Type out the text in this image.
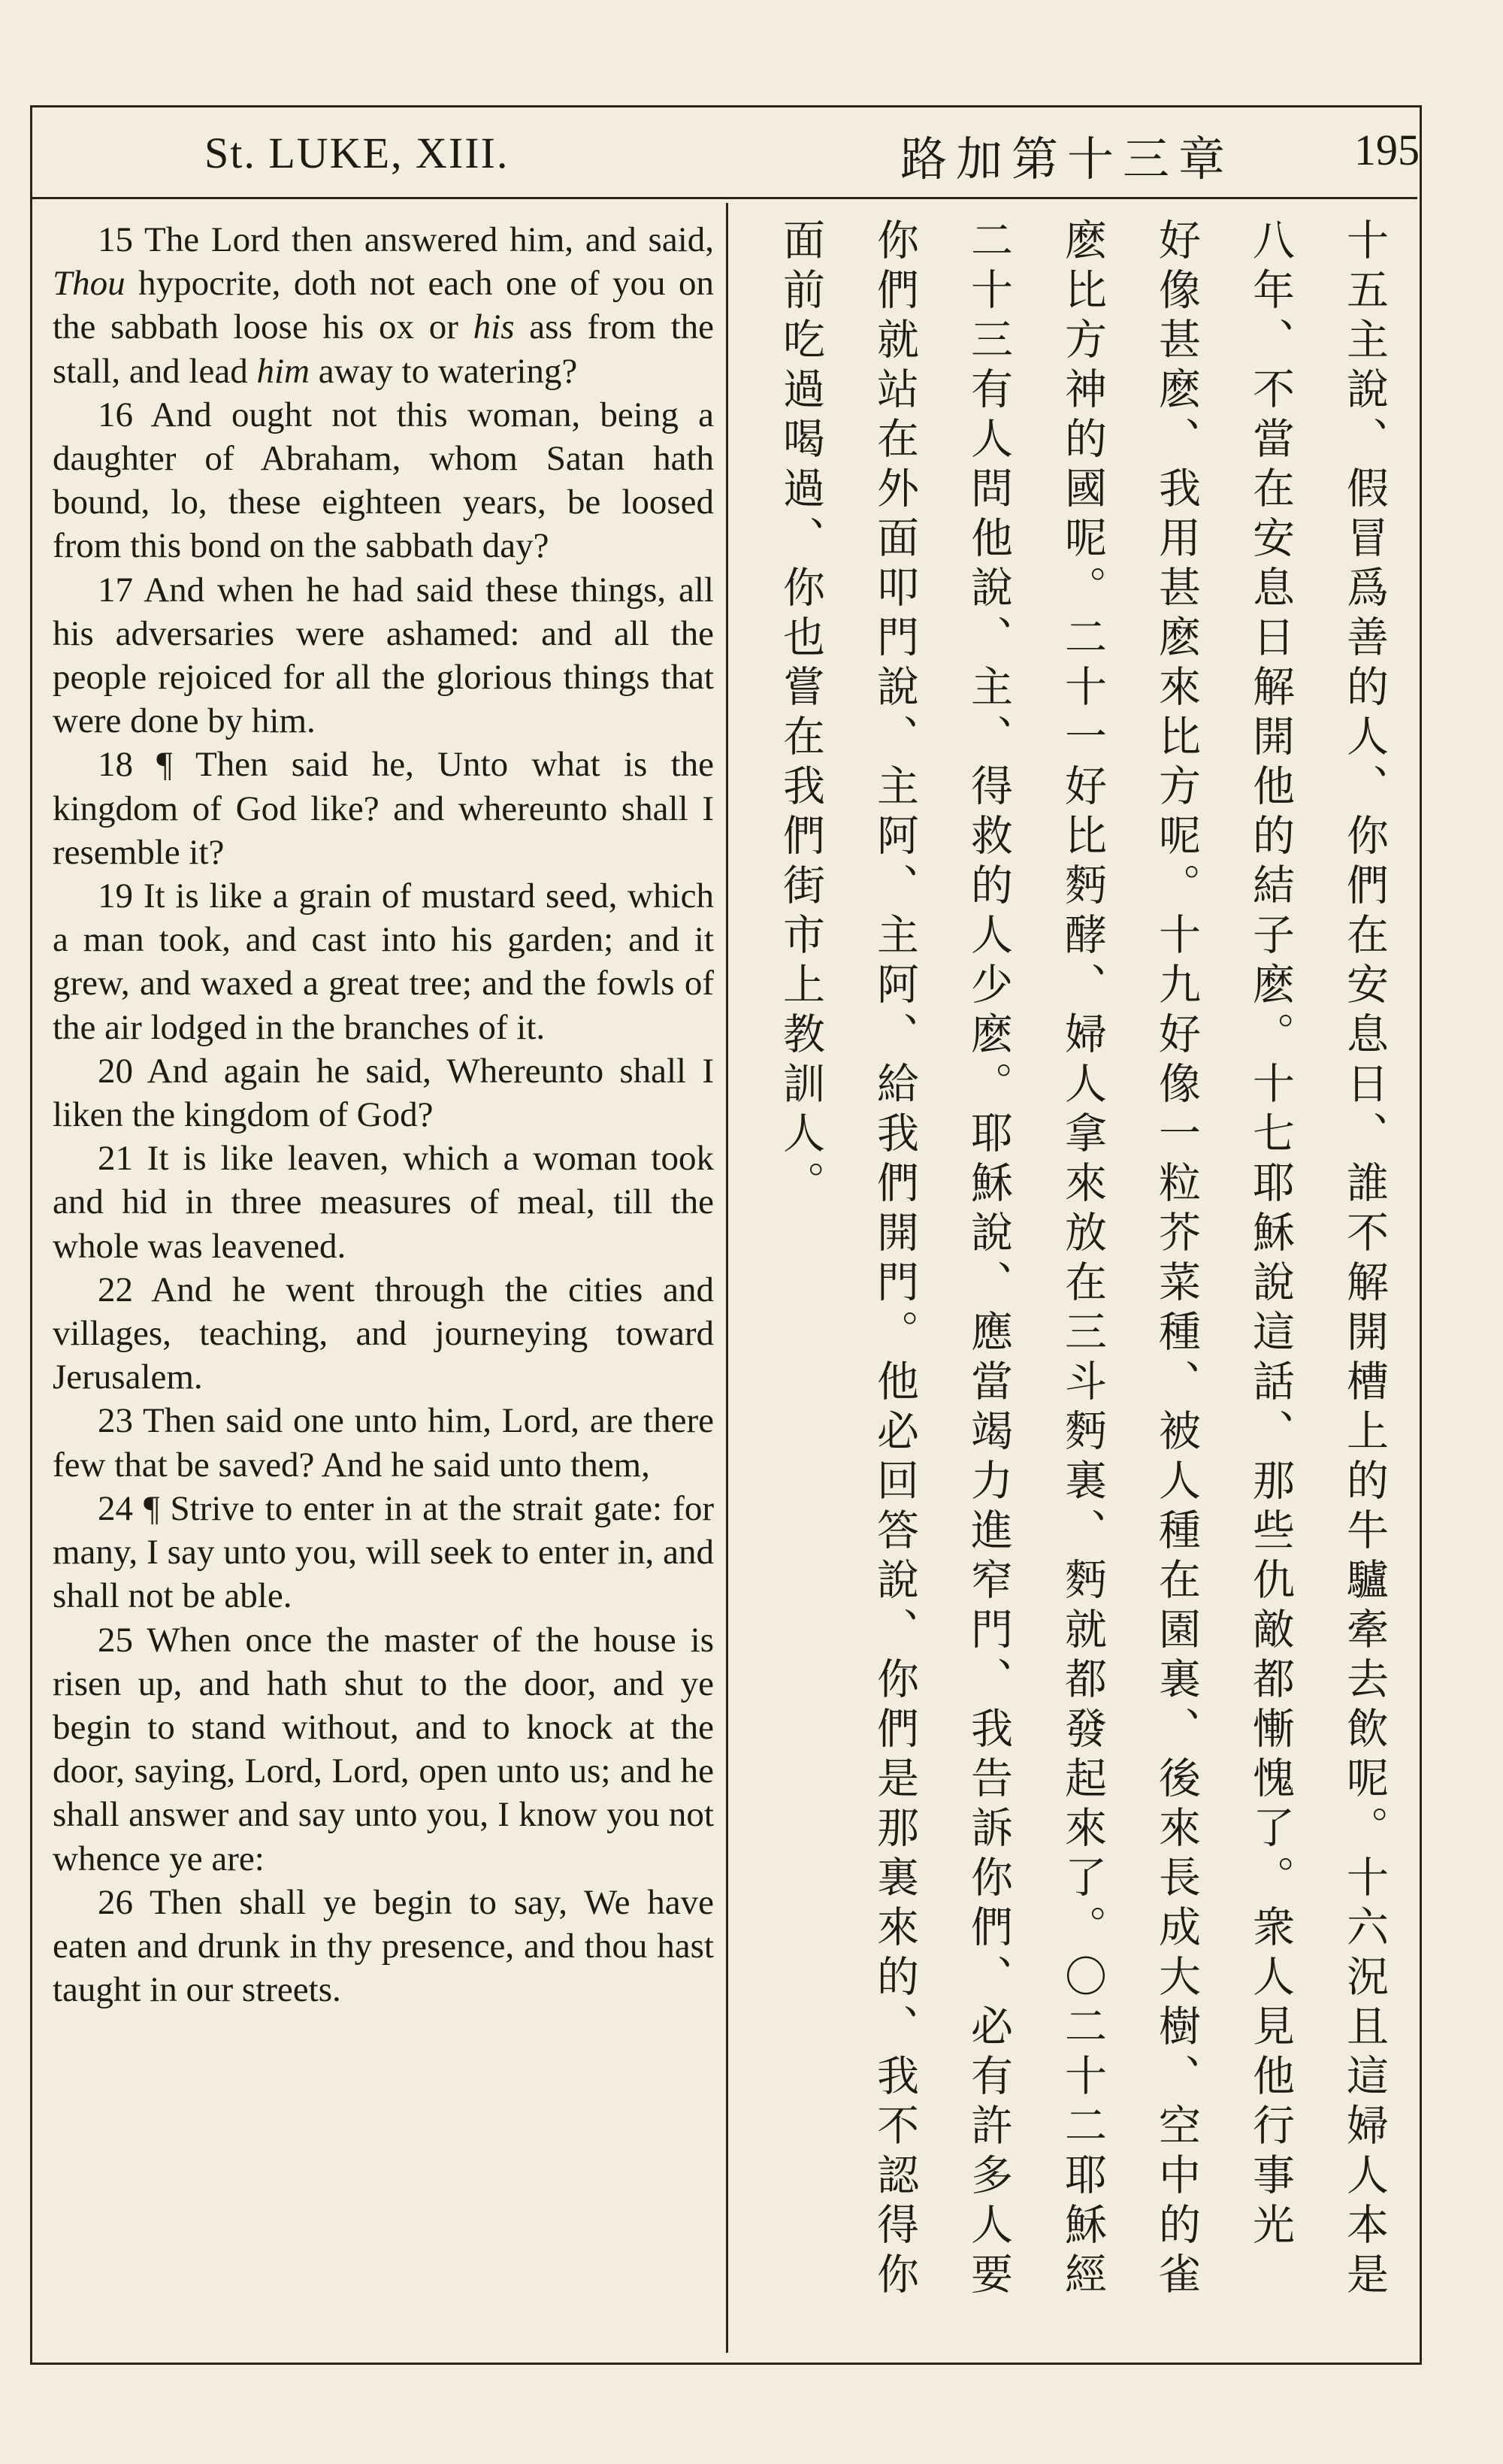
St. LUKE, XIII.	路加第十三章	195

15 The Lord then answered him, and said, Thou hypocrite, doth not each one of you on the sabbath loose his ox or his ass from the stall, and lead him away to watering?

16 And ought not this woman, being a daughter of Abraham, whom Satan hath bound, lo, these eighteen years, be loosed from this bond on the sabbath day?

17 And when he had said these things, all his adversaries were ashamed: and all the people rejoiced for all the glorious things that were done by him.

18 ¶ Then said he, Unto what is the kingdom of God like? and whereunto shall I resemble it?

19 It is like a grain of mustard seed, which a man took, and cast into his garden; and it grew, and waxed a great tree; and the fowls of the air lodged in the branches of it.

20 And again he said, Whereunto shall I liken the kingdom of God?

21 It is like leaven, which a woman took and hid in three measures of meal, till the whole was leavened.

22 And he went through the cities and villages, teaching, and journeying toward Jerusalem.

23 Then said one unto him, Lord, are there few that be saved? And he said unto them,

24 ¶ Strive to enter in at the strait gate: for many, I say unto you, will seek to enter in, and shall not be able.

25 When once the master of the house is risen up, and hath shut to the door, and ye begin to stand without, and to knock at the door, saying, Lord, Lord, open unto us; and he shall answer and say unto you, I know you not whence ye are:

26 Then shall ye begin to say, We have eaten and drunk in thy presence, and thou hast taught in our streets.

十五主說、假冒爲善的人、你們在安息日、誰不解開槽上的牛驢牽去飲呢。十六況且這婦人本是
八年、不當在安息日解開他的結子麽。十七耶穌說這話、那些仇敵都慚愧了。衆人見他行事光
好像甚麽、我用甚麽來比方呢。十九好像一粒芥菜種、被人種在園裏、後來長成大樹、空中的雀
麽比方神的國呢。二十一好比麪酵、婦人拿來放在三斗麪裏、麪就都發起來了。〇二十二耶穌經
二十三有人問他說、主、得救的人少麽。耶穌說、應當竭力進窄門、我告訴你們、必有許多人要
你們就站在外面叩門說、主阿、主阿、給我們開門。他必回答說、你們是那裏來的、我不認得你
面前吃過喝過、你也嘗在我們街市上教訓人。
